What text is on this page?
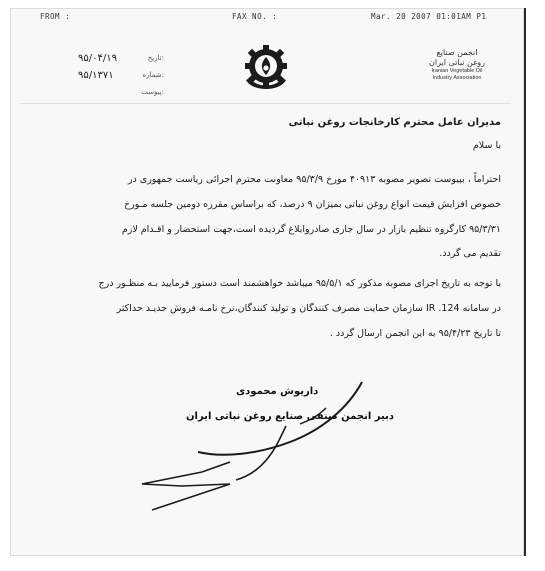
FROM :	FAX NO. :	Mar. 20 2007 01:01AM P1
۹۵/۰۴/۱۹
۹۵/۱۳۷۱
تاریخ:
شماره:
پیوست:
انجمن صنایع
روغن نباتی ایران
Iranian Vegetable Oil
Industry Association
مدیران عامل محترم کارخانجات روغن نباتی
با سلام
احتراماً ، بپیوست تصویر مصوبه ۴۰۹۱۳ مورخ ۹۵/۳/۹ معاونت محترم اجرائی ریاست جمهوری در
خصوص افزایش قیمت انواع روغن نباتی بمیزان ۹ درصد، که براساس مقرره دومین جلسه مـورخ
۹۵/۳/۳۱ کارگروه تنظیم بازار در سال جاری صادروابلاغ گردیده است،جهت استحضار و اقـدام لازم
تقدیم می گردد.
با توجه به تاریخ اجرای مصوبه مذکور که ۹۵/۵/۱ میباشد خواهشمند است دستور فرمایید بـه منظـور درج
در سامانه 124. IR سازمان حمایت مصرف کنندگان و تولید کنندگان،نرخ نامـه فروش جدیـد حداکثر
تا تاریخ ۹۵/۴/۲۳ به این انجمن ارسال گردد .
داریوش محمودی
دبیر انجمن صنفی صنایع روغن نباتی ایران
